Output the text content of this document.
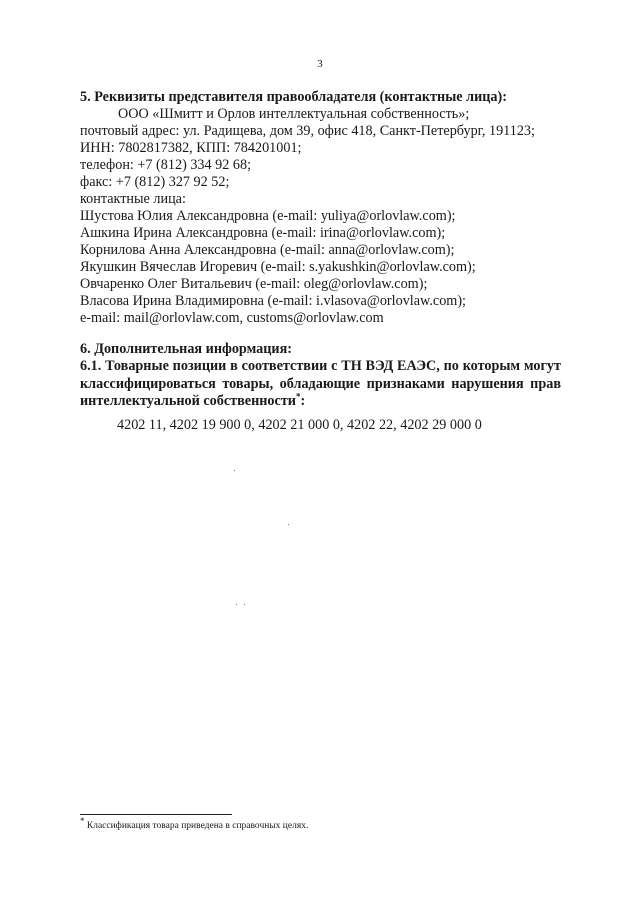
3
5. Реквизиты представителя правообладателя (контактные лица):
ООО «Шмитт и Орлов интеллектуальная собственность»;
почтовый адрес: ул. Радищева, дом 39, офис 418, Санкт-Петербург, 191123;
ИНН: 7802817382, КПП: 784201001;
телефон: +7 (812) 334 92 68;
факс: +7 (812) 327 92 52;
контактные лица:
Шустова Юлия Александровна (e-mail: yuliya@orlovlaw.com);
Ашкина Ирина Александровна (e-mail: irina@orlovlaw.com);
Корнилова Анна Александровна (e-mail: anna@orlovlaw.com);
Якушкин Вячеслав Игоревич (e-mail: s.yakushkin@orlovlaw.com);
Овчаренко Олег Витальевич (e-mail: oleg@orlovlaw.com);
Власова Ирина Владимировна (e-mail: i.vlasova@orlovlaw.com);
e-mail: mail@orlovlaw.com, customs@orlovlaw.com
6. Дополнительная информация:
6.1. Товарные позиции в соответствии с ТН ВЭД ЕАЭС, по которым могут
классифицироваться товары, обладающие признаками нарушения прав
интеллектуальной собственности*:
4202 11, 4202 19 900 0, 4202 21 000 0, 4202 22, 4202 29 000 0
* Классификация товара приведена в справочных целях.
